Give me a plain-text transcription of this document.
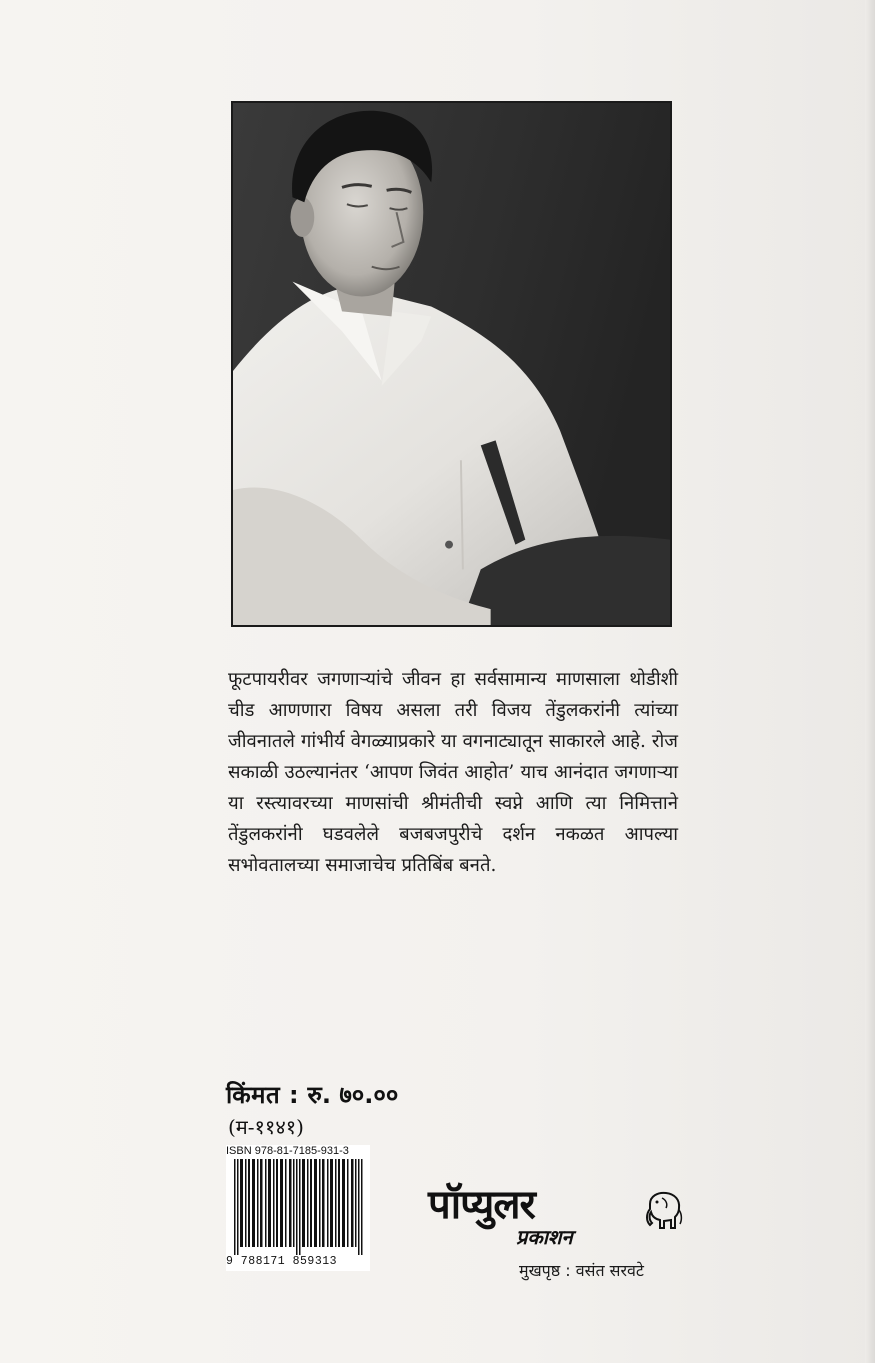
फूटपायरीवर जगणाऱ्यांचे जीवन हा सर्वसामान्य माणसाला थोडीशी चीड आणणारा विषय असला तरी विजय तेंडुलकरांनी त्यांच्या जीवनातले गांभीर्य वेगळ्याप्रकारे या वगनाट्यातून साकारले आहे. रोज सकाळी उठल्यानंतर ‘आपण जिवंत आहोत’ याच आनंदात जगणाऱ्या या रस्त्यावरच्या माणसांची श्रीमंतीची स्वप्ने आणि त्या निमित्ताने तेंडुलकरांनी घडवलेले बजबजपुरीचे दर्शन नकळत आपल्या सभोवतालच्या समाजाचेच प्रतिबिंब बनते.

किंमत : रु. ७०.००
(म-११४१)
ISBN 978-81-7185-931-3
9 788171 859313
पॉप्युलर
प्रकाशन
मुखपृष्ठ : वसंत सरवटे
